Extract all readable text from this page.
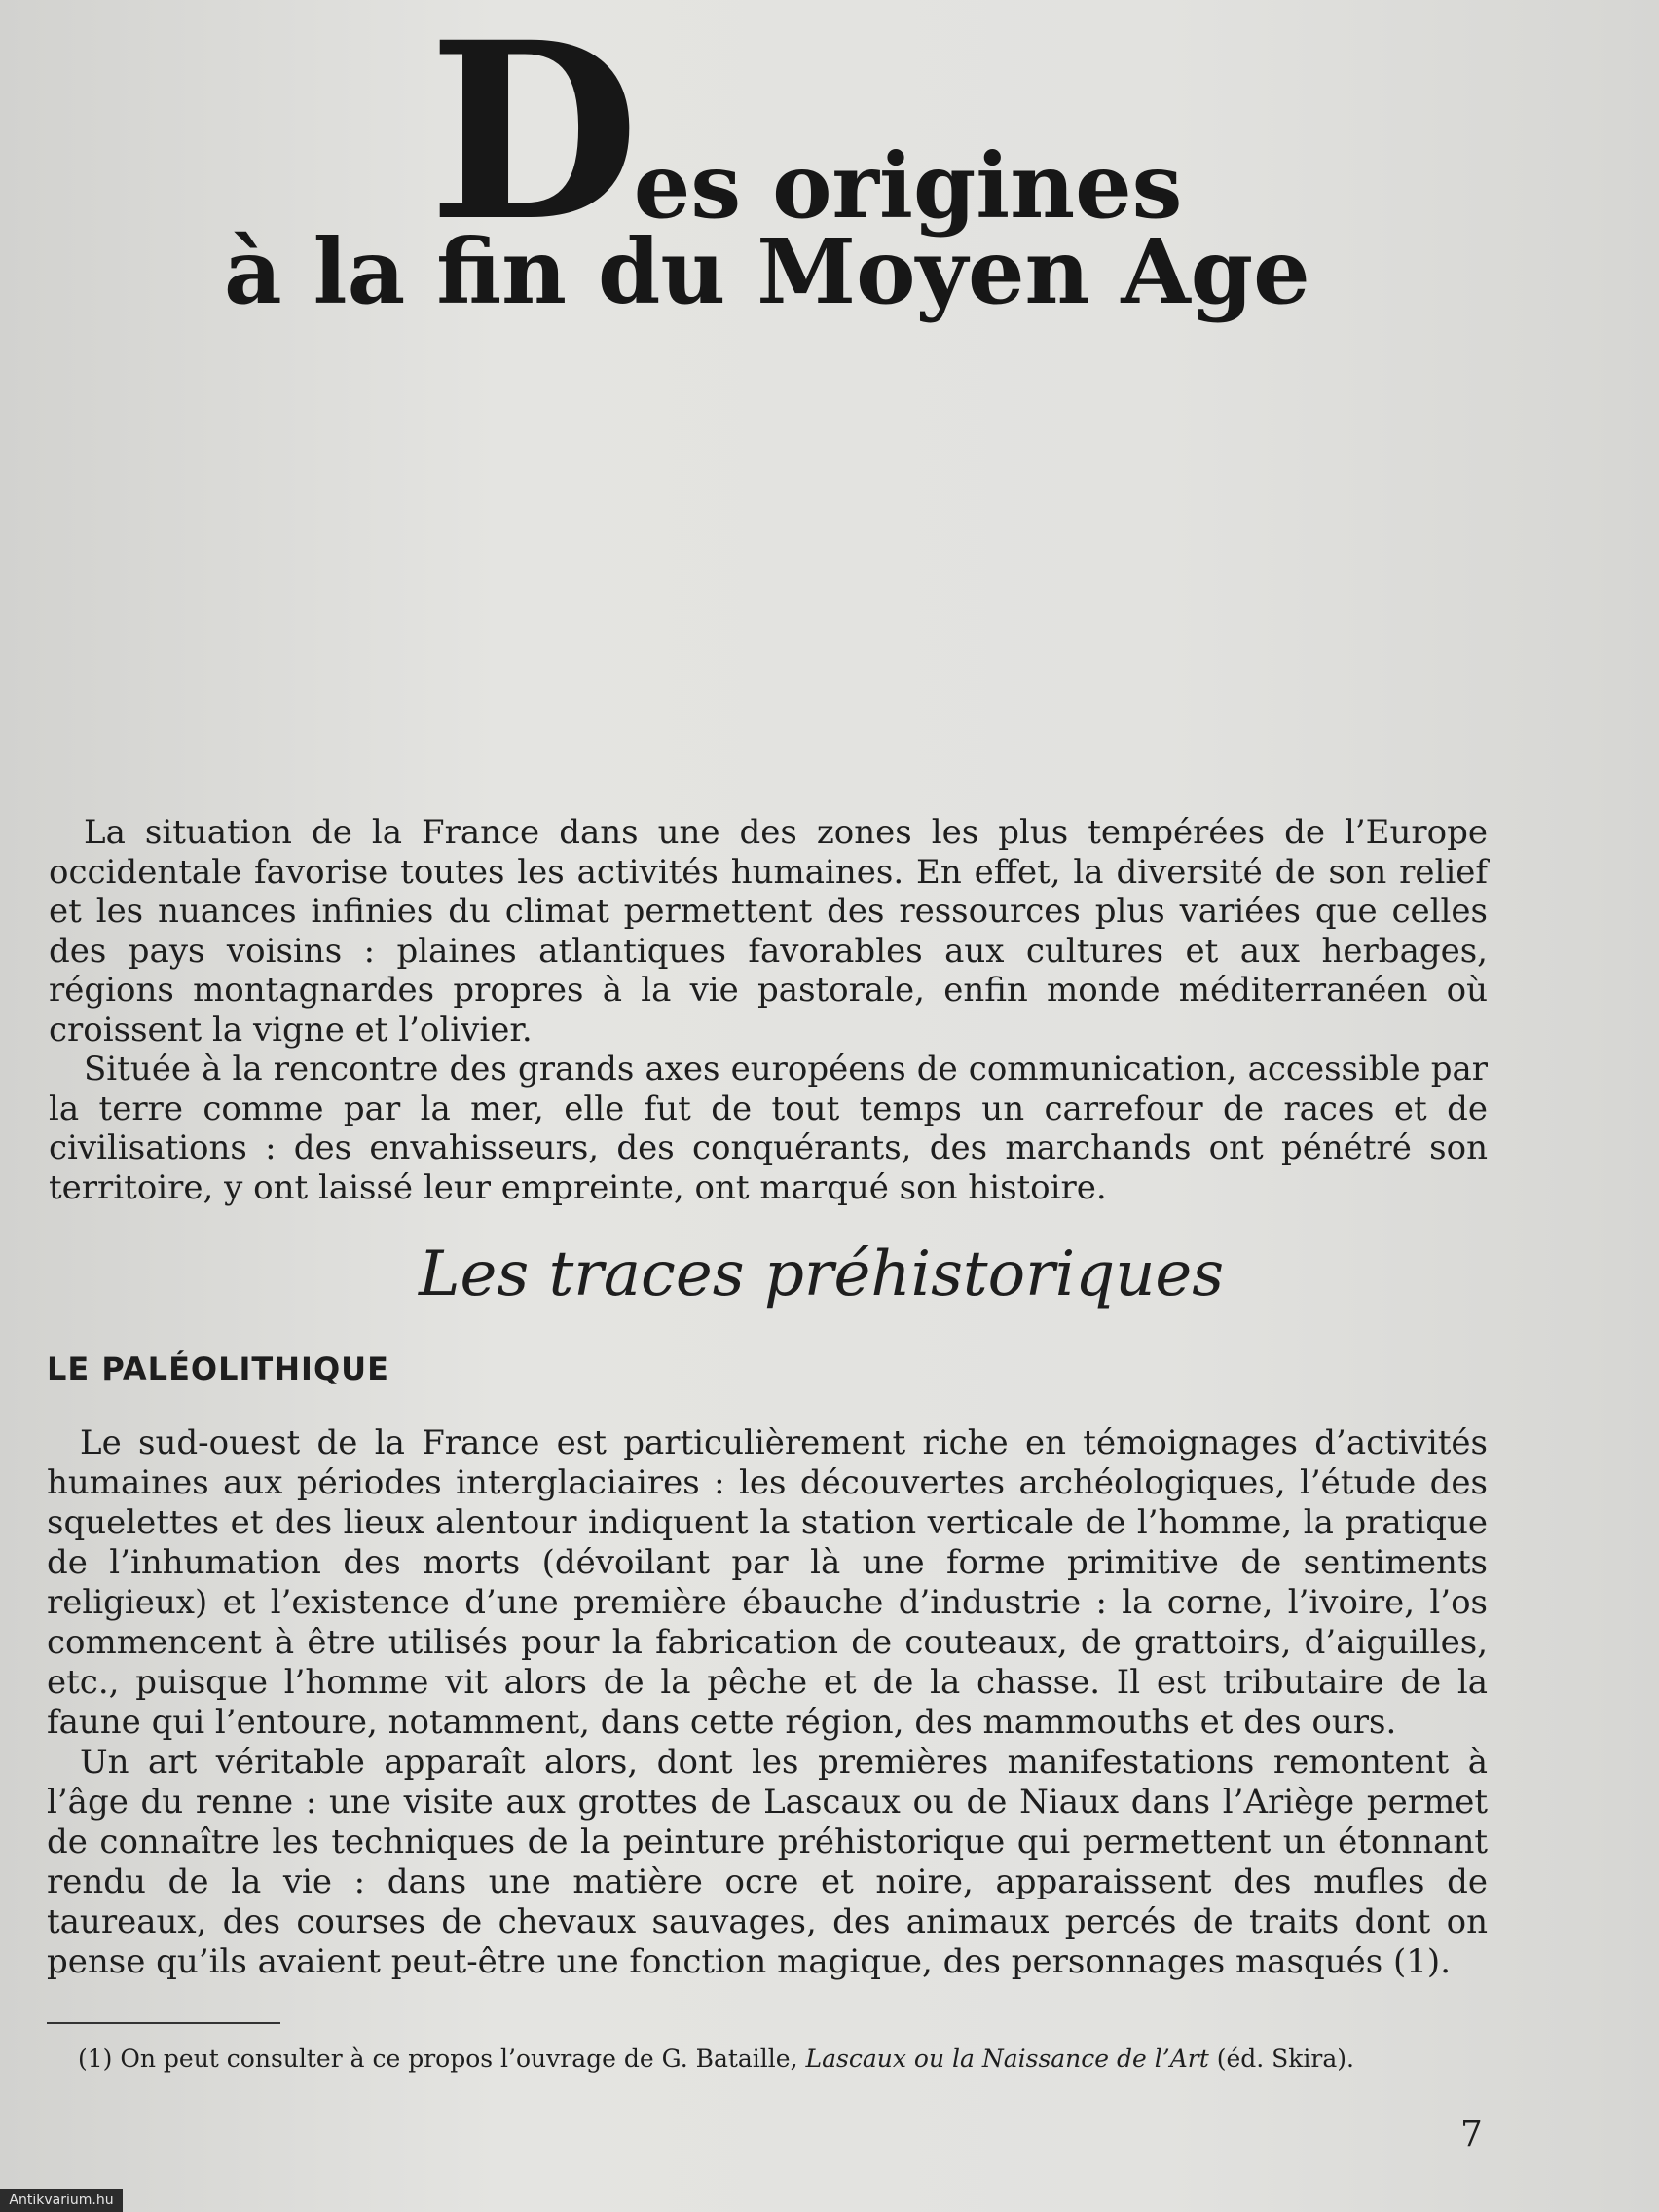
Des origines
à la fin du Moyen Age

La situation de la France dans une des zones les plus tempérées de l’Europe occidentale favorise toutes les activités humaines. En effet, la diversité de son relief et les nuances infinies du climat permettent des ressources plus variées que celles des pays voisins : plaines atlantiques favorables aux cultures et aux herbages, régions montagnardes propres à la vie pastorale, enfin monde méditerranéen où croissent la vigne et l’olivier.

Située à la rencontre des grands axes européens de communication, accessible par la terre comme par la mer, elle fut de tout temps un carrefour de races et de civilisations : des envahisseurs, des conquérants, des marchands ont pénétré son territoire, y ont laissé leur empreinte, ont marqué son histoire.

Les traces préhistoriques
LE PALÉOLITHIQUE

Le sud-ouest de la France est particulièrement riche en témoignages d’activités humaines aux périodes interglaciaires : les découvertes archéologiques, l’étude des squelettes et des lieux alentour indiquent la station verticale de l’homme, la pratique de l’inhumation des morts (dévoilant par là une forme primitive de sentiments religieux) et l’existence d’une première ébauche d’industrie : la corne, l’ivoire, l’os commencent à être utilisés pour la fabrication de couteaux, de grattoirs, d’aiguilles, etc., puisque l’homme vit alors de la pêche et de la chasse. Il est tributaire de la faune qui l’entoure, notamment, dans cette région, des mammouths et des ours.

Un art véritable apparaît alors, dont les premières manifestations remontent à l’âge du renne : une visite aux grottes de Lascaux ou de Niaux dans l’Ariège permet de connaître les techniques de la peinture préhistorique qui permettent un étonnant rendu de la vie : dans une matière ocre et noire, apparaissent des mufles de taureaux, des courses de chevaux sauvages, des animaux percés de traits dont on pense qu’ils avaient peut-être une fonction magique, des personnages masqués (1).

(1) On peut consulter à ce propos l’ouvrage de G. Bataille, Lascaux ou la Naissance de l’Art (éd. Skira).
7
Antikvarium.hu
